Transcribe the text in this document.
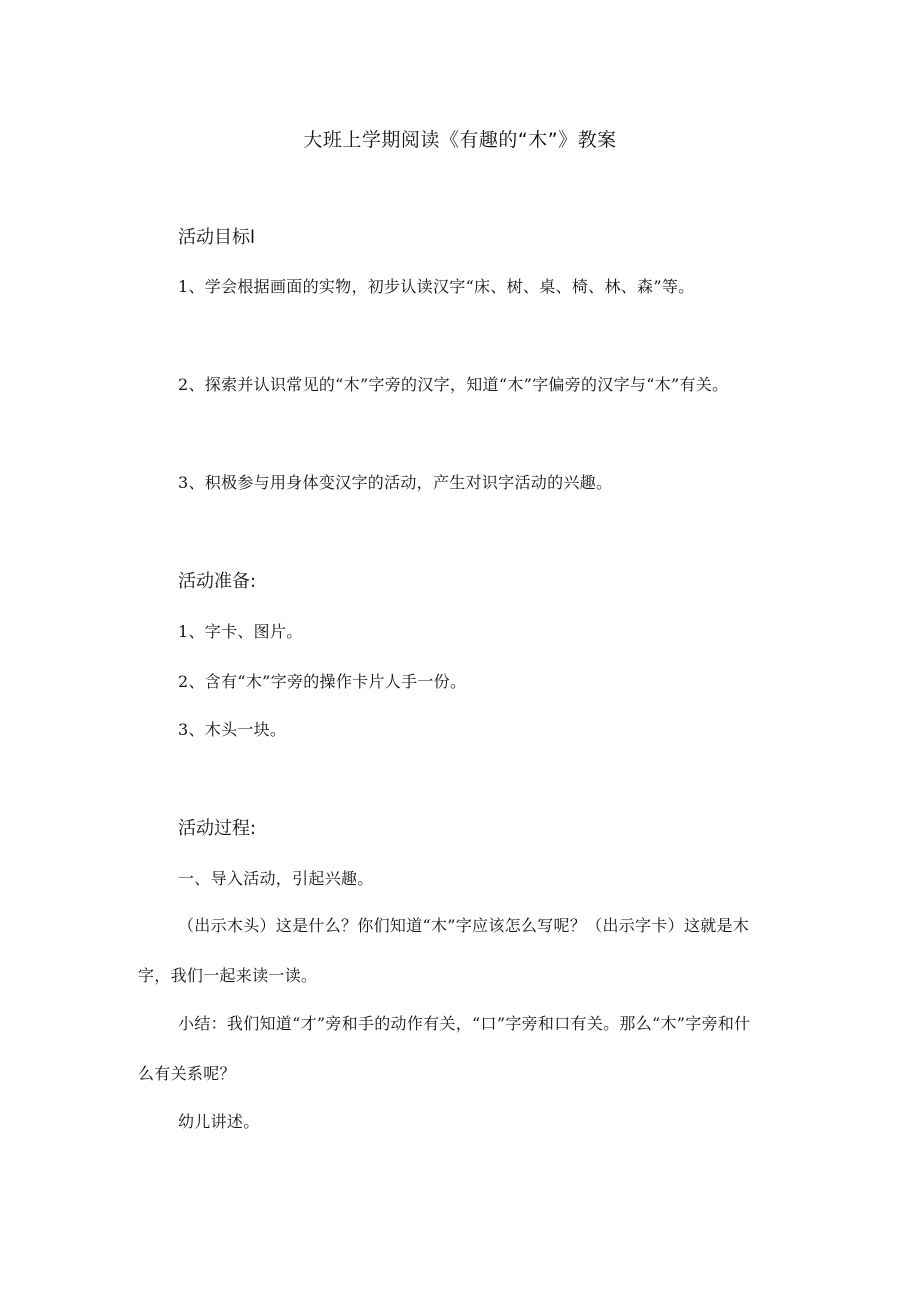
大班上学期阅读《有趣的“木”》教案
活动目标l
1、学会根据画面的实物，初步认读汉字“床、树、桌、椅、林、森”等。
2、探索并认识常见的“木”字旁的汉字，知道“木”字偏旁的汉字与“木”有关。
3、积极参与用身体变汉字的活动，产生对识字活动的兴趣。
活动准备:
1、字卡、图片。
2、含有“木”字旁的操作卡片人手一份。
3、木头一块。
活动过程:
一、导入活动，引起兴趣。
（出示木头）这是什么？你们知道“木”字应该怎么写呢？（出示字卡）这就是木字，我们一起来读一读。
小结：我们知道“才”旁和手的动作有关，“口”字旁和口有关。那么“木”字旁和什么有关系呢？
幼儿讲述。
